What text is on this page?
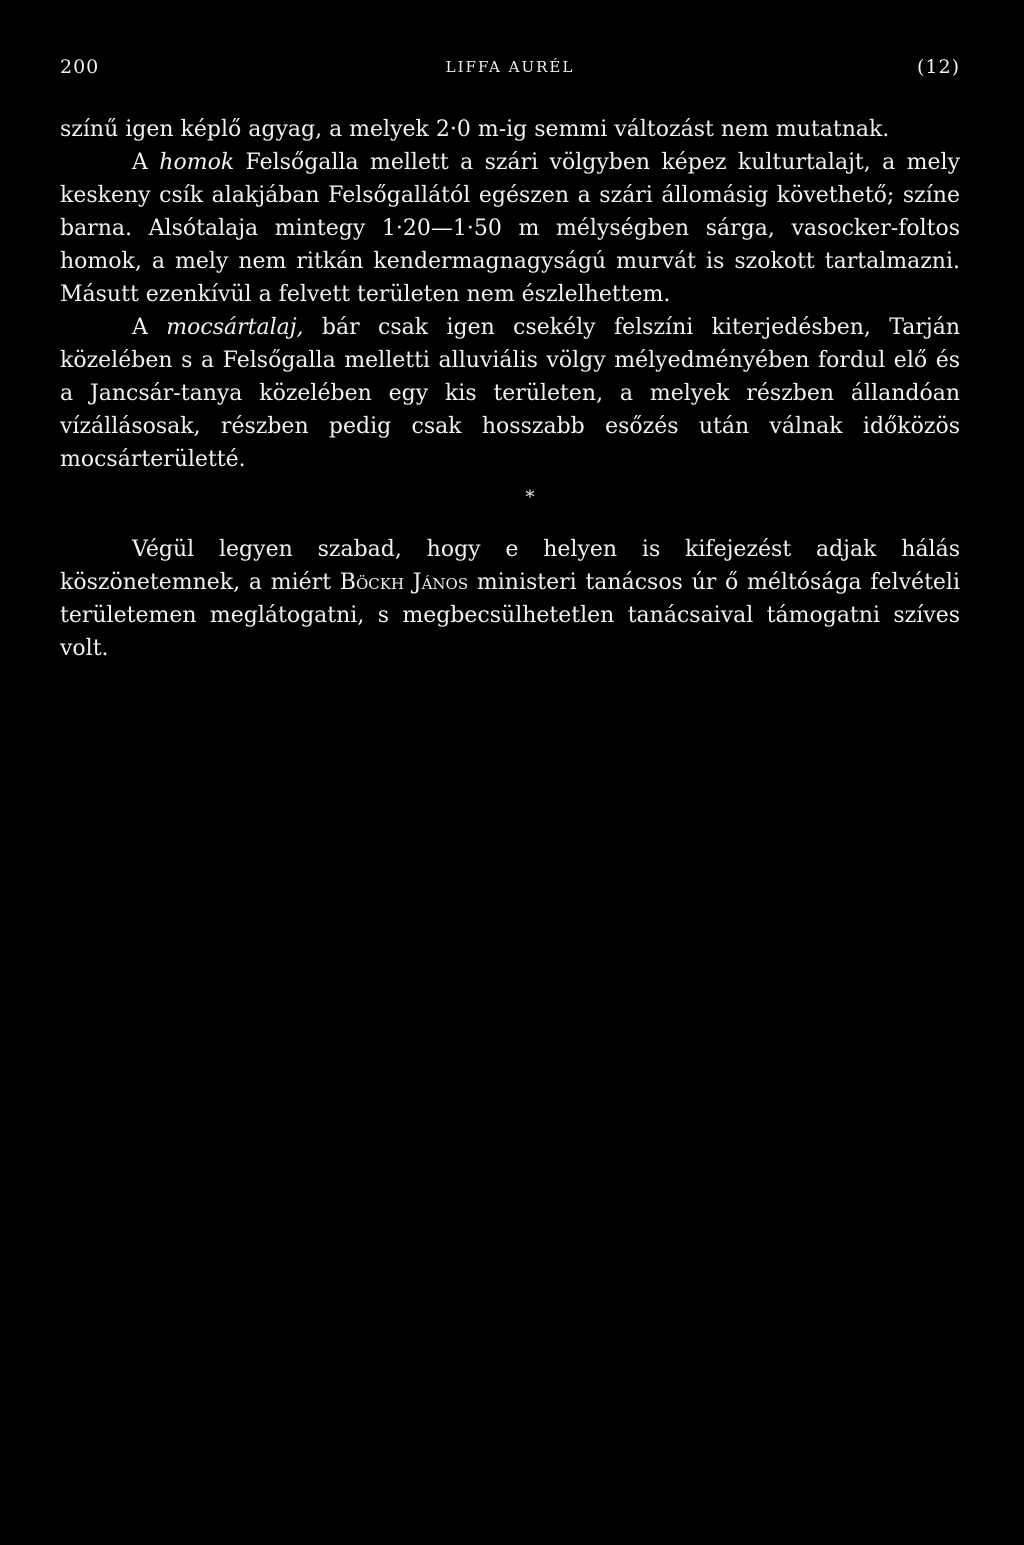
200	LIFFA AURÉL	(12)

színű igen képlő agyag, a melyek 2·0 m-ig semmi változást nem mutatnak.

A homok Felsőgalla mellett a szári völgyben képez kulturtalajt, a mely keskeny csík alakjában Felsőgallától egészen a szári állomásig követhető; színe barna. Alsótalaja mintegy 1·20—1·50 m mélységben sárga, vasocker-foltos homok, a mely nem ritkán kendermagnagyságú murvát is szokott tartalmazni. Másutt ezenkívül a felvett területen nem észlelhettem.

A mocsártalaj, bár csak igen csekély felszíni kiterjedésben, Tarján közelében s a Felsőgalla melletti alluviális völgy mélyedményében fordul elő és a Jancsár-tanya közelében egy kis területen, a melyek részben állandóan vízállásosak, részben pedig csak hosszabb esőzés után válnak időközös mocsárterületté.

*

Végül legyen szabad, hogy e helyen is kifejezést adjak hálás köszönetemnek, a miért Böckh János ministeri tanácsos úr ő méltósága felvételi területemen meglátogatni, s megbecsülhetetlen tanácsaival támogatni szíves volt.
